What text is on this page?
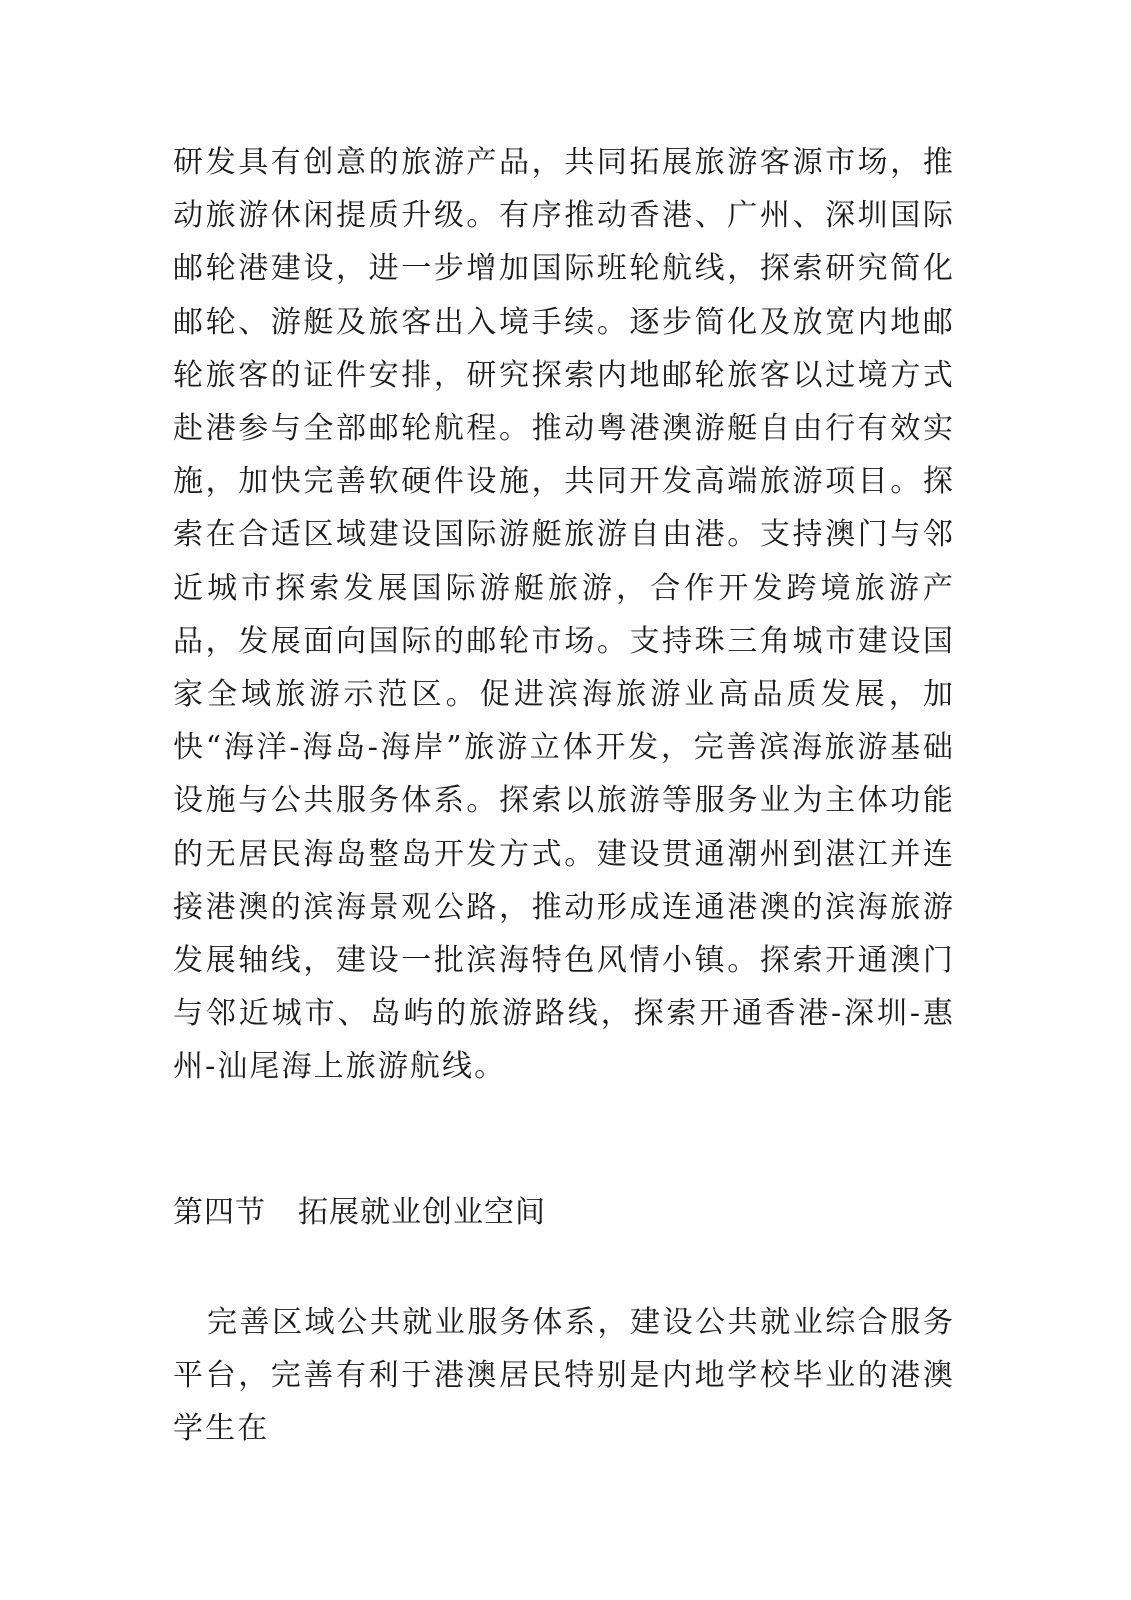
研发具有创意的旅游产品，共同拓展旅游客源市场，推动旅游休闲提质升级。有序推动香港、广州、深圳国际邮轮港建设，进一步增加国际班轮航线，探索研究简化邮轮、游艇及旅客出入境手续。逐步简化及放宽内地邮轮旅客的证件安排，研究探索内地邮轮旅客以过境方式赴港参与全部邮轮航程。推动粤港澳游艇自由行有效实施，加快完善软硬件设施，共同开发高端旅游项目。探索在合适区域建设国际游艇旅游自由港。支持澳门与邻近城市探索发展国际游艇旅游，合作开发跨境旅游产品，发展面向国际的邮轮市场。支持珠三角城市建设国家全域旅游示范区。促进滨海旅游业高品质发展，加快“海洋-海岛-海岸”旅游立体开发，完善滨海旅游基础设施与公共服务体系。探索以旅游等服务业为主体功能的无居民海岛整岛开发方式。建设贯通潮州到湛江并连接港澳的滨海景观公路，推动形成连通港澳的滨海旅游发展轴线，建设一批滨海特色风情小镇。探索开通澳门与邻近城市、岛屿的旅游路线，探索开通香港-深圳-惠州-汕尾海上旅游航线。

第四节 拓展就业创业空间

完善区域公共就业服务体系，建设公共就业综合服务平台，完善有利于港澳居民特别是内地学校毕业的港澳学生在
